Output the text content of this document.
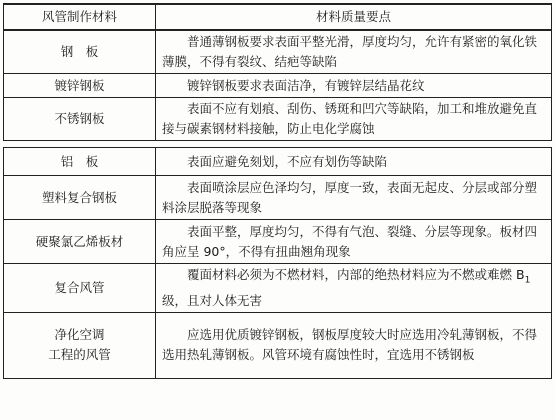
风管制作材料	材料质量要点
钢　板	普通薄钢板要求表面平整光滑，厚度均匀，允许有紧密的氧化铁薄膜，不得有裂纹、结疤等缺陷
镀锌钢板	镀锌钢板要求表面洁净，有镀锌层结晶花纹
不锈钢板	表面不应有划痕、刮伤、锈斑和凹穴等缺陷，加工和堆放避免直接与碳素钢材料接触，防止电化学腐蚀

铝　板	表面应避免刻划，不应有划伤等缺陷
塑料复合钢板	表面喷涂层应色泽均匀，厚度一致，表面无起皮、分层或部分塑料涂层脱落等现象
硬聚氯乙烯板材	表面平整，厚度均匀，不得有气泡、裂缝、分层等现象。板材四角应呈 90°，不得有扭曲翘角现象
复合风管	覆面材料必须为不燃材料，内部的绝热材料应为不燃或难燃 $B_1$ 级，且对人体无害
净化空调
工程的风管	应选用优质镀锌钢板，钢板厚度较大时应选用冷轧薄钢板，不得选用热轧薄钢板。风管环境有腐蚀性时，宜选用不锈钢板
